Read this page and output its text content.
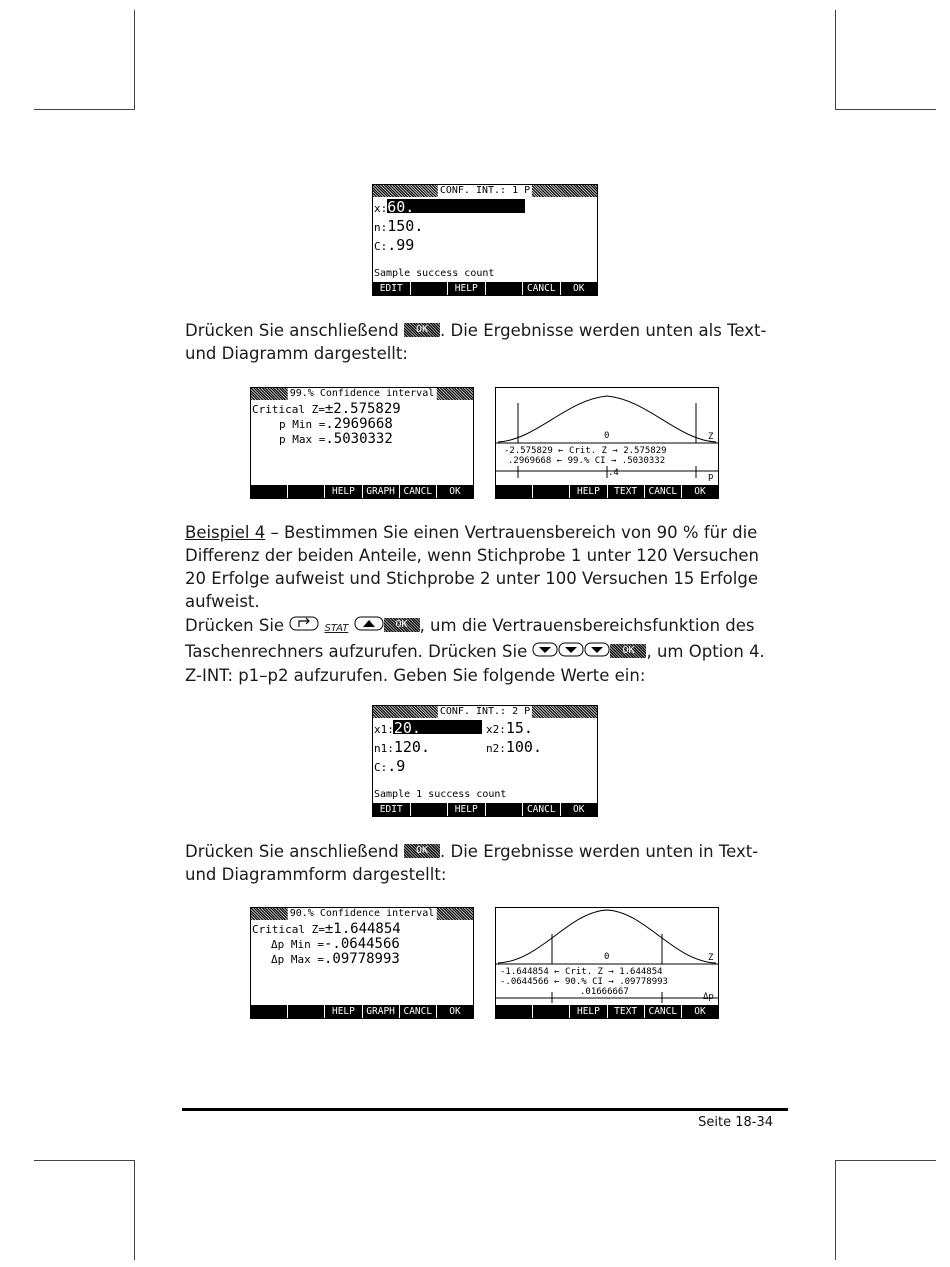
CONF. INT.: 1 P
x:60.
n:150.
C:.99
Sample success count
EDIT	HELP	CANCL	OK

Drücken Sie anschließend	OK . Die Ergebnisse werden unten als Text- und Diagramm dargestellt:

99.% Confidence interval
Critical Z=±2.575829
p Min =.2969668
p Max =.5030332
HELP	GRAPH CANCL	OK
0	Z
-2.575829 ← Crit. Z → 2.575829
.2969668 ← 99.% CI → .5030332
.4	p
HELP	TEXT	CANCL	OK

Beispiel 4 – Bestimmen Sie einen Vertrauensbereich von 90 % für die Differenz der beiden Anteile, wenn Stichprobe 1 unter 120 Versuchen 20 Erfolge aufweist und Stichprobe 2 unter 100 Versuchen 15 Erfolge aufweist.

Drücken Sie	STAT	OK , um die Vertrauensbereichsfunktion des Taschenrechners aufzurufen. Drücken Sie	OK , um Option 4. Z-INT: p1–p2 aufzurufen. Geben Sie folgende Werte ein:

CONF. INT.: 2 P
x1:20.	x2:15.
n1:120.	n2:100.
C:.9
Sample 1 success count
EDIT	HELP	CANCL	OK

Drücken Sie anschließend	OK . Die Ergebnisse werden unten in Text- und Diagrammform dargestellt:

90.% Confidence interval
Critical Z=±1.644854
Δp Min =-.0644566
Δp Max =.09778993
HELP	GRAPH CANCL	OK
0	Z
-1.644854 ← Crit. Z → 1.644854
-.0644566 ← 90.% CI → .09778993
.01666667	Δp
HELP	TEXT	CANCL	OK
Seite 18-34
